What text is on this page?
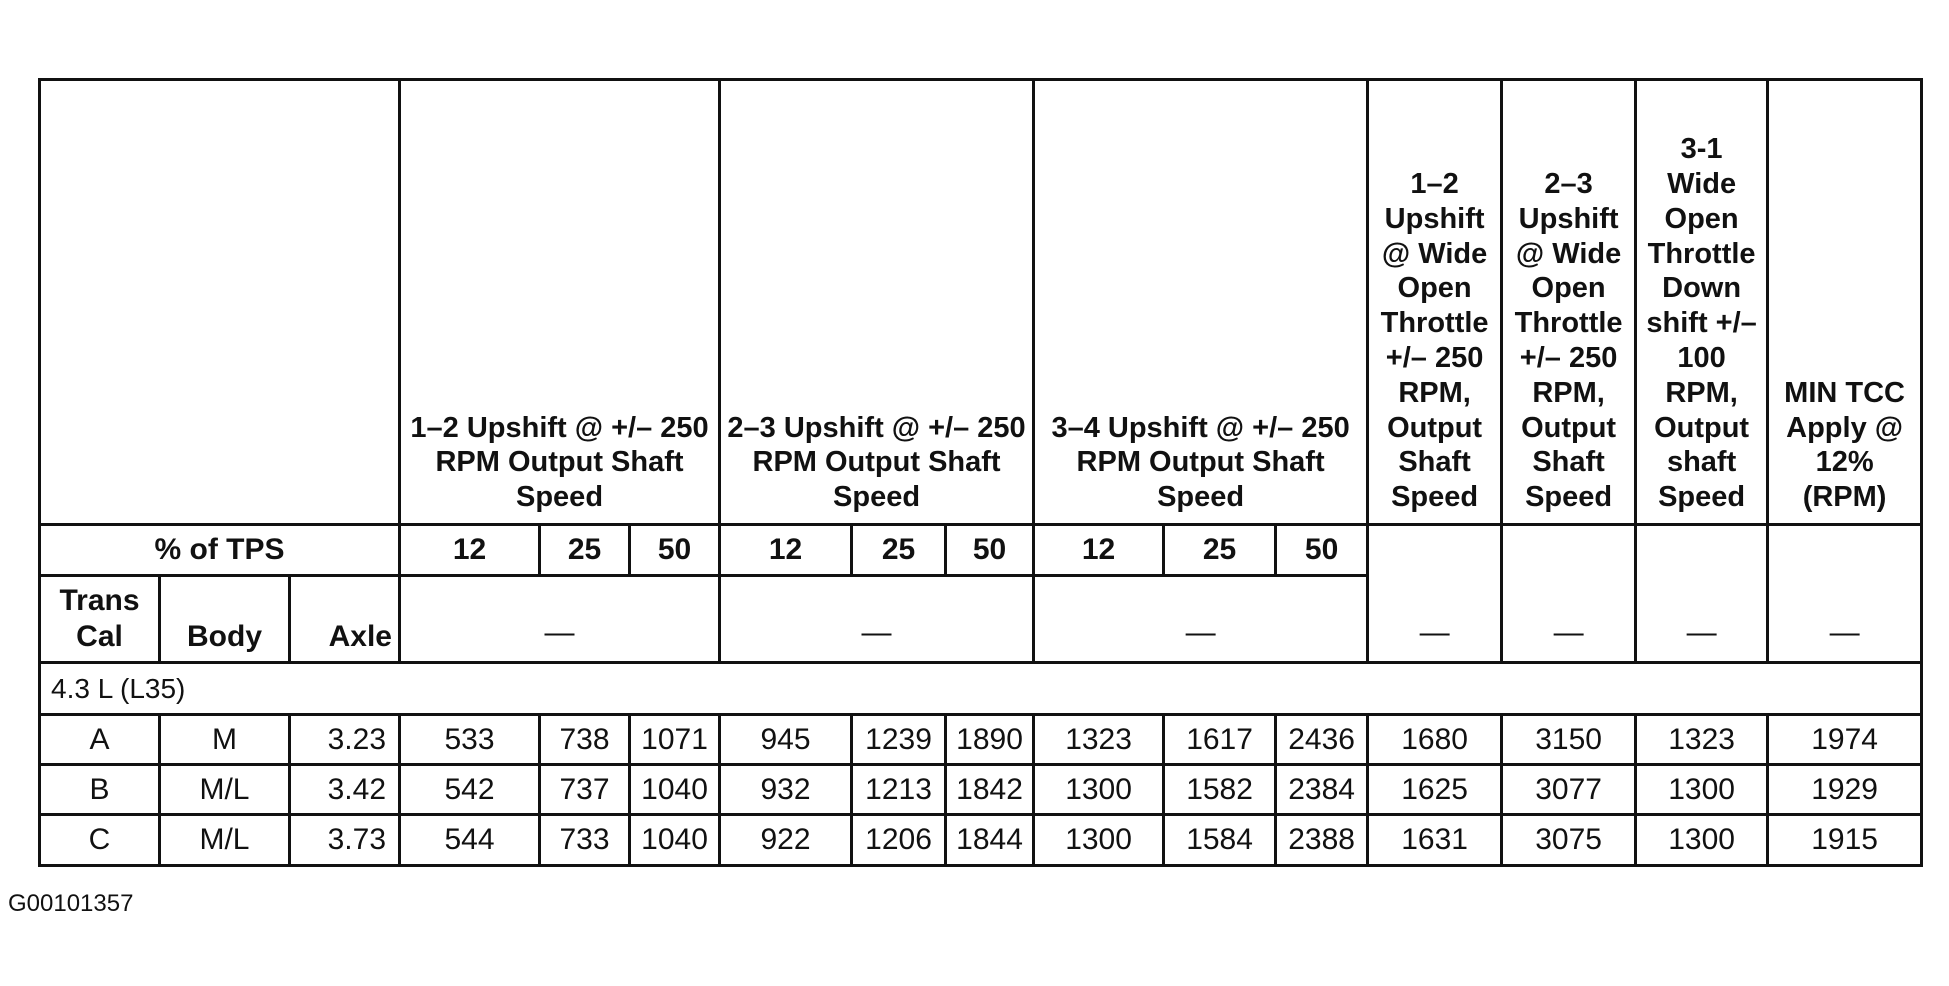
			1–2 Upshift @ +/– 250 RPM Output Shaft Speed			2–3 Upshift @ +/– 250 RPM Output Shaft Speed			3–4 Upshift @ +/– 250 RPM Output Shaft Speed			1–2 Upshift @ Wide Open Throttle +/– 250 RPM, Output Shaft Speed	2–3 Upshift @ Wide Open Throttle +/– 250 RPM, Output Shaft Speed	3-1 Wide Open Throttle Down shift +/– 100 RPM, Output shaft Speed	MIN TCC Apply @ 12% (RPM)
% of TPS			12	25	50	12	25	50	12	25	50	—	—	—	—
Trans Cal	Body	Axle	—			—			—						
4.3 L (L35)															
A	M	3.23	533	738	1071	945	1239	1890	1323	1617	2436	1680	3150	1323	1974
B	M/L	3.42	542	737	1040	932	1213	1842	1300	1582	2384	1625	3077	1300	1929
C	M/L	3.73	544	733	1040	922	1206	1844	1300	1584	2388	1631	3075	1300	1915
G00101357
